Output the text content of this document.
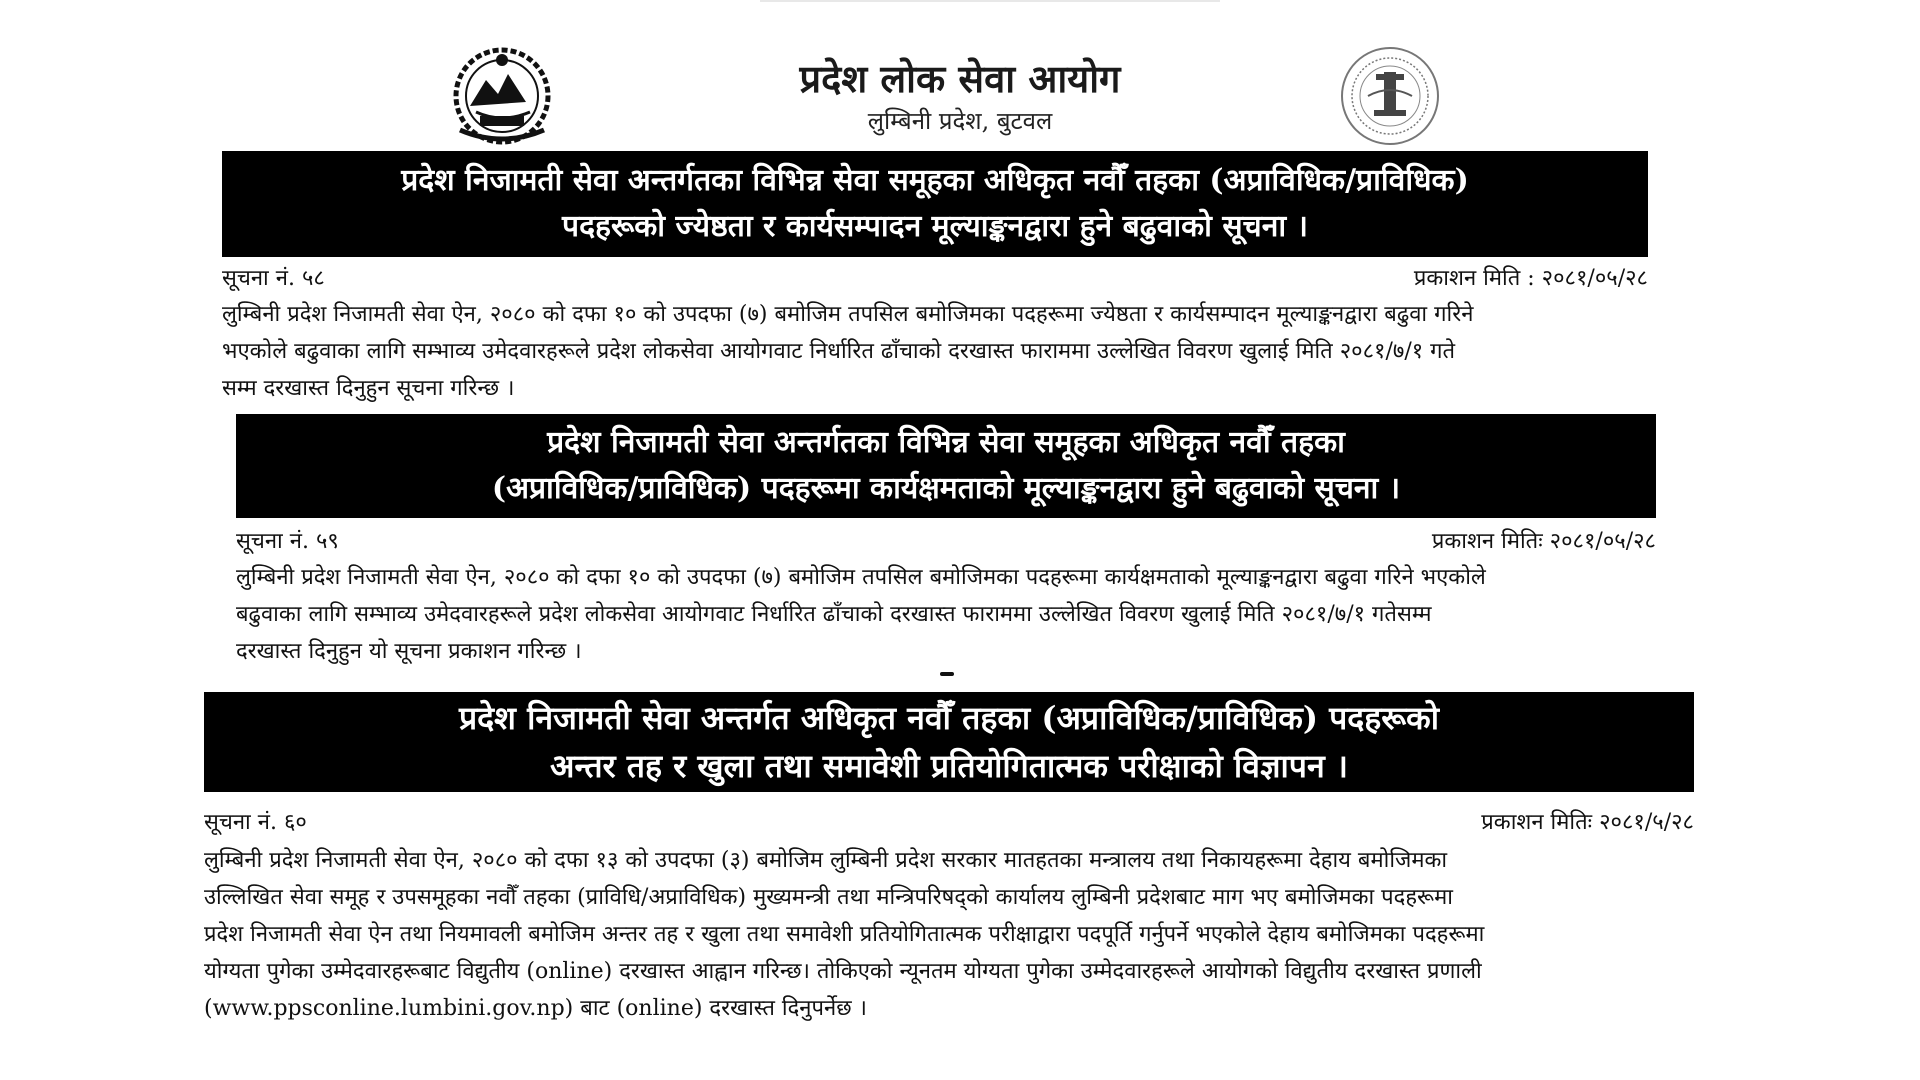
प्रदेश लोक सेवा आयोग
लुम्बिनी प्रदेश, बुटवल
प्रदेश निजामती सेवा अन्तर्गतका विभिन्न सेवा समूहका अधिकृत नवौँ तहका (अप्राविधिक/प्राविधिक)
पदहरूको ज्येष्ठता र कार्यसम्पादन मूल्याङ्कनद्वारा हुने बढुवाको सूचना ।
सूचना नं. ५८	प्रकाशन मिति : २०८१/०५/२८
लुम्बिनी प्रदेश निजामती सेवा ऐन, २०८० को दफा १० को उपदफा (७) बमोजिम तपसिल बमोजिमका पदहरूमा ज्येष्ठता र कार्यसम्पादन मूल्याङ्कनद्वारा बढुवा गरिने
भएकोले बढुवाका लागि सम्भाव्य उमेदवारहरूले प्रदेश लोकसेवा आयोगवाट निर्धारित ढाँचाको दरखास्त फाराममा उल्लेखित विवरण खुलाई मिति २०८१/७/१ गते
सम्म दरखास्त दिनुहुन सूचना गरिन्छ ।
प्रदेश निजामती सेवा अन्तर्गतका विभिन्न सेवा समूहका अधिकृत नवौँ तहका
(अप्राविधिक/प्राविधिक) पदहरूमा कार्यक्षमताको मूल्याङ्कनद्वारा हुने बढुवाको सूचना ।
सूचना नं. ५९	प्रकाशन मितिः २०८१/०५/२८
लुम्बिनी प्रदेश निजामती सेवा ऐन, २०८० को दफा १० को उपदफा (७) बमोजिम तपसिल बमोजिमका पदहरूमा कार्यक्षमताको मूल्याङ्कनद्वारा बढुवा गरिने भएकोले
बढुवाका लागि सम्भाव्य उमेदवारहरूले प्रदेश लोकसेवा आयोगवाट निर्धारित ढाँचाको दरखास्त फाराममा उल्लेखित विवरण खुलाई मिति २०८१/७/१ गतेसम्म
दरखास्त दिनुहुन यो सूचना प्रकाशन गरिन्छ ।
प्रदेश निजामती सेवा अन्तर्गत अधिकृत नवौँ तहका (अप्राविधिक/प्राविधिक) पदहरूको
अन्तर तह र खुला तथा समावेशी प्रतियोगितात्मक परीक्षाको विज्ञापन ।
सूचना नं. ६०	प्रकाशन मितिः २०८१/५/२८
लुम्बिनी प्रदेश निजामती सेवा ऐन, २०८० को दफा १३ को उपदफा (३) बमोजिम लुम्बिनी प्रदेश सरकार मातहतका मन्त्रालय तथा निकायहरूमा देहाय बमोजिमका
उल्लिखित सेवा समूह र उपसमूहका नवौँ तहका (प्राविधि/अप्राविधिक) मुख्यमन्त्री तथा मन्त्रिपरिषद्को कार्यालय लुम्बिनी प्रदेशबाट माग भए बमोजिमका पदहरूमा
प्रदेश निजामती सेवा ऐन तथा नियमावली बमोजिम अन्तर तह र खुला तथा समावेशी प्रतियोगितात्मक परीक्षाद्वारा पदपूर्ति गर्नुपर्ने भएकोले देहाय बमोजिमका पदहरूमा
योग्यता पुगेका उम्मेदवारहरूबाट विद्युतीय (online) दरखास्त आह्वान गरिन्छ। तोकिएको न्यूनतम योग्यता पुगेका उम्मेदवारहरूले आयोगको विद्युतीय दरखास्त प्रणाली
(www.ppsconline.lumbini.gov.np) बाट (online) दरखास्त दिनुपर्नेछ ।
